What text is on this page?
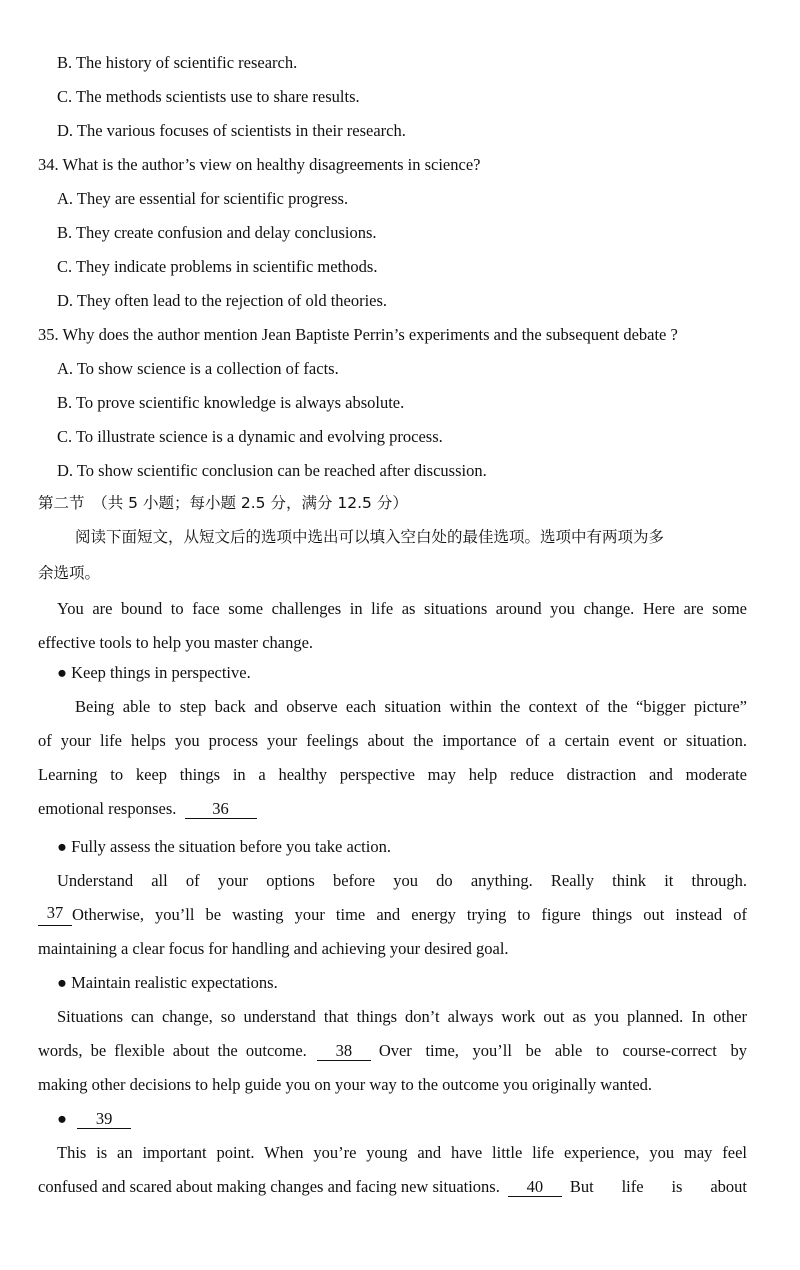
B. The history of scientific research.
C. The methods scientists use to share results.
D. The various focuses of scientists in their research.
34. What is the author’s view on healthy disagreements in science?
A. They are essential for scientific progress.
B. They create confusion and delay conclusions.
C. They indicate problems in scientific methods.
D. They often lead to the rejection of old theories.
35. Why does the author mention Jean Baptiste Perrin’s experiments and the subsequent debate ?
A. To show science is a collection of facts.
B. To prove scientific knowledge is always absolute.
C. To illustrate science is a dynamic and evolving process.
D. To show scientific conclusion can be reached after discussion.
第二节　（共 5 小题；每小题 2.5 分，满分 12.5 分）
阅读下面短文，从短文后的选项中选出可以填入空白处的最佳选项。选项中有两项为多
余选项。
You are bound to face some challenges in life as situations around you change. Here are some
effective tools to help you master change.
● Keep things in perspective.
Being able to step back and observe each situation within the context of the “bigger picture”
of your life helps you process your feelings about the importance of a certain event or situation.
Learning to keep things in a healthy perspective may help reduce distraction and moderate
emotional responses. 36
● Fully assess the situation before you take action.
Understand all of your options before you do anything. Really think it through.
37 Otherwise, you’ll be wasting your time and energy trying to figure things out instead of
maintaining a clear focus for handling and achieving your desired goal.
● Maintain realistic expectations.
Situations can change, so understand that things don’t always work out as you planned. In other
words, be flexible about the outcome.	38	Over time, you’ll be able to course-correct by
making other decisions to help guide you on your way to the outcome you originally wanted.
● 39
This is an important point. When you’re young and have little life experience, you may feel
confused and scared about making changes and facing new situations.	40	But life is about
